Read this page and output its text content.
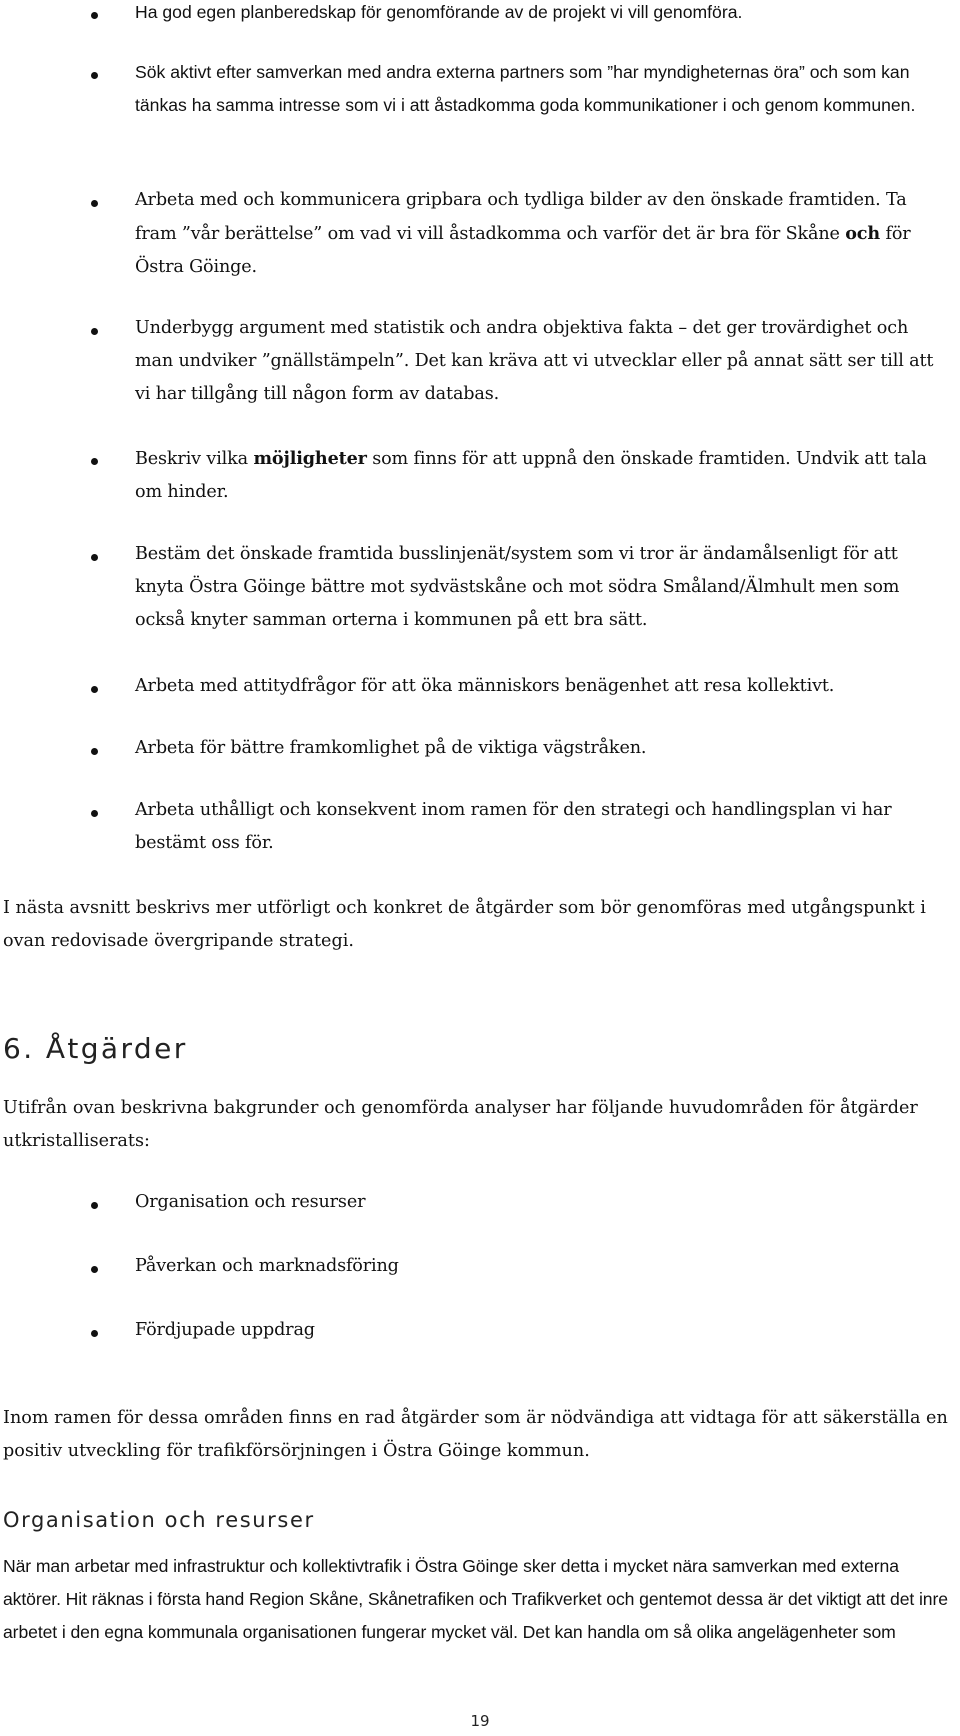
Ha god egen planberedskap för genomförande av de projekt vi vill genomföra.
Sök aktivt efter samverkan med andra externa partners som ”har myndigheternas öra” och som kan tänkas ha samma intresse som vi i att åstadkomma goda kommunikationer i och genom kommunen.
Arbeta med och kommunicera gripbara och tydliga bilder av den önskade framtiden. Ta fram ”vår berättelse” om vad vi vill åstadkomma och varför det är bra för Skåne och för Östra Göinge.
Underbygg argument med statistik och andra objektiva fakta – det ger trovärdighet och man undviker ”gnällstämpeln”. Det kan kräva att vi utvecklar eller på annat sätt ser till att vi har tillgång till någon form av databas.
Beskriv vilka möjligheter som finns för att uppnå den önskade framtiden. Undvik att tala om hinder.
Bestäm det önskade framtida busslinjenät/system som vi tror är ändamålsenligt för att knyta Östra Göinge bättre mot sydvästskåne och mot södra Småland/Älmhult men som också knyter samman orterna i kommunen på ett bra sätt.
Arbeta med attitydfrågor för att öka människors benägenhet att resa kollektivt.
Arbeta för bättre framkomlighet på de viktiga vägstråken.
Arbeta uthålligt och konsekvent inom ramen för den strategi och handlingsplan vi har bestämt oss för.
I nästa avsnitt beskrivs mer utförligt och konkret de åtgärder som bör genomföras med utgångspunkt i ovan redovisade övergripande strategi.
6. Åtgärder
Utifrån ovan beskrivna bakgrunder och genomförda analyser har följande huvudområden för åtgärder utkristalliserats:
Organisation och resurser
Påverkan och marknadsföring
Fördjupade uppdrag
Inom ramen för dessa områden finns en rad åtgärder som är nödvändiga att vidtaga för att säkerställa en positiv utveckling för trafikförsörjningen i Östra Göinge kommun.
Organisation och resurser
När man arbetar med infrastruktur och kollektivtrafik i Östra Göinge sker detta i mycket nära samverkan med externa aktörer. Hit räknas i första hand Region Skåne, Skånetrafiken och Trafikverket och gentemot dessa är det viktigt att det inre arbetet i den egna kommunala organisationen fungerar mycket väl. Det kan handla om så olika angelägenheter som
19
